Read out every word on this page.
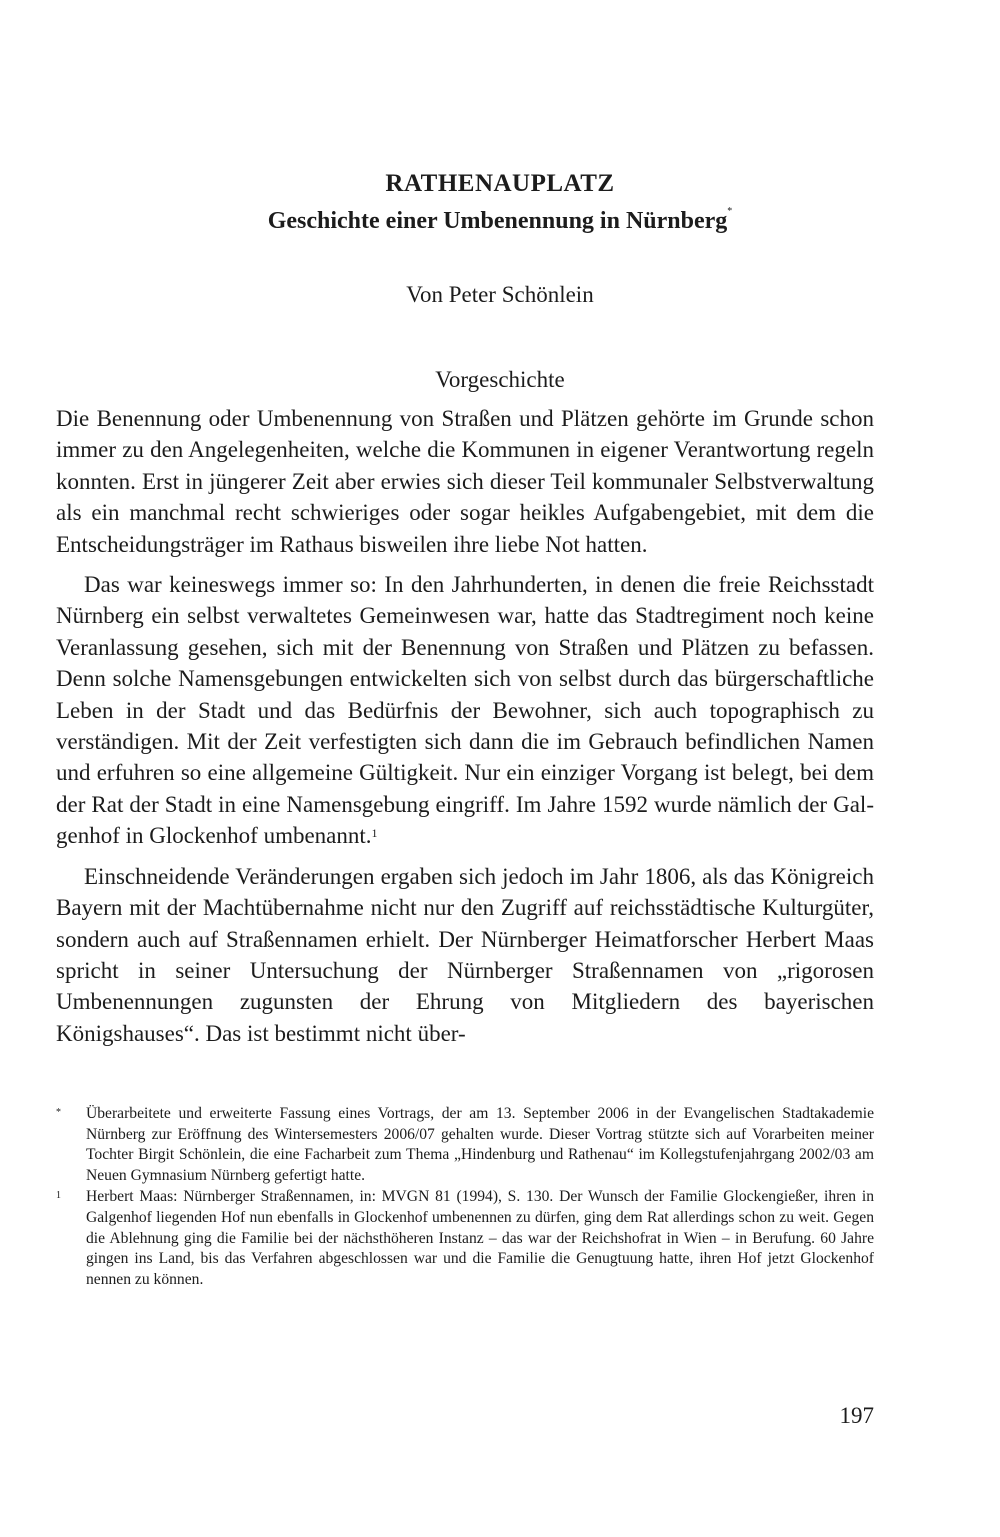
RATHENAUPLATZ
Geschichte einer Umbenennung in Nürnberg*
Von Peter Schönlein
Vorgeschichte

Die Benennung oder Umbenennung von Straßen und Plätzen gehörte im Grunde schon immer zu den Angelegenheiten, welche die Kommunen in eigener Verantwortung regeln konnten. Erst in jüngerer Zeit aber erwies sich dieser Teil kommunaler Selbstverwaltung als ein manchmal recht schwieriges oder sogar heikles Aufgabengebiet, mit dem die Entscheidungsträger im Rathaus bisweilen ihre liebe Not hatten.

Das war keineswegs immer so: In den Jahrhunderten, in denen die freie Reichsstadt Nürnberg ein selbst verwaltetes Gemeinwesen war, hatte das Stadtregiment noch keine Veranlassung gesehen, sich mit der Benennung von Straßen und Plätzen zu befassen. Denn solche Namensgebungen entwickelten sich von selbst durch das bürgerschaftliche Leben in der Stadt und das Bedürfnis der Bewohner, sich auch topographisch zu verständigen. Mit der Zeit verfestigten sich dann die im Gebrauch befindlichen Namen und erfuhren so eine allgemeine Gültigkeit. Nur ein einziger Vorgang ist belegt, bei dem der Rat der Stadt in eine Namensgebung eingriff. Im Jahre 1592 wurde nämlich der Galgenhof in Glockenhof umbenannt.$^1$

Einschneidende Veränderungen ergaben sich jedoch im Jahr 1806, als das Königreich Bayern mit der Machtübernahme nicht nur den Zugriff auf reichsstädtische Kulturgüter, sondern auch auf Straßennamen erhielt. Der Nürnberger Heimatforscher Herbert Maas spricht in seiner Untersuchung der Nürnberger Straßennamen von „rigorosen Umbenennungen zugunsten der Ehrung von Mitgliedern des bayerischen Königshauses“. Das ist bestimmt nicht über-

* Überarbeitete und erweiterte Fassung eines Vortrags, der am 13. September 2006 in der Evangelischen Stadtakademie Nürnberg zur Eröffnung des Wintersemesters 2006/07 gehalten wurde. Dieser Vortrag stützte sich auf Vorarbeiten meiner Tochter Birgit Schönlein, die eine Facharbeit zum Thema „Hindenburg und Rathenau“ im Kollegstufenjahrgang 2002/03 am Neuen Gymnasium Nürnberg gefertigt hatte.
1 Herbert Maas: Nürnberger Straßennamen, in: MVGN 81 (1994), S. 130. Der Wunsch der Familie Glockengießer, ihren in Galgenhof liegenden Hof nun ebenfalls in Glockenhof umbenennen zu dürfen, ging dem Rat allerdings schon zu weit. Gegen die Ablehnung ging die Familie bei der nächsthöheren Instanz – das war der Reichshofrat in Wien – in Berufung. 60 Jahre gingen ins Land, bis das Verfahren abgeschlossen war und die Familie die Genugtuung hatte, ihren Hof jetzt Glockenhof nennen zu können.
197
